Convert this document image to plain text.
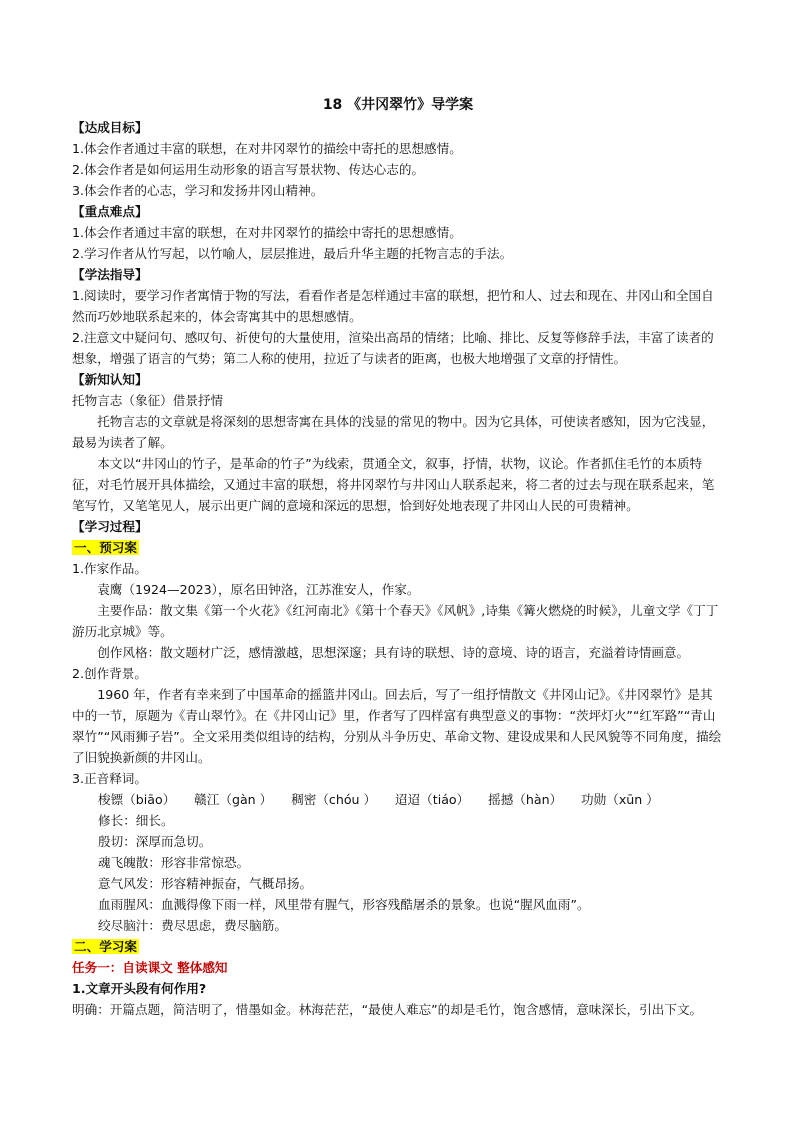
18 《井冈翠竹》导学案

【达成目标】

1.体会作者通过丰富的联想，在对井冈翠竹的描绘中寄托的思想感情。

2.体会作者是如何运用生动形象的语言写景状物、传达心志的。

3.体会作者的心志，学习和发扬井冈山精神。

【重点难点】

1.体会作者通过丰富的联想，在对井冈翠竹的描绘中寄托的思想感情。

2.学习作者从竹写起，以竹喻人，层层推进，最后升华主题的托物言志的手法。

【学法指导】

1.阅读时，要学习作者寓情于物的写法，看看作者是怎样通过丰富的联想，把竹和人、过去和现在、井冈山和全国自然而巧妙地联系起来的，体会寄寓其中的思想感情。

2.注意文中疑问句、感叹句、祈使句的大量使用，渲染出高昂的情绪；比喻、排比、反复等修辞手法，丰富了读者的想象，增强了语言的气势；第二人称的使用，拉近了与读者的距离，也极大地增强了文章的抒情性。

【新知认知】

托物言志（象征）借景抒情

托物言志的文章就是将深刻的思想寄寓在具体的浅显的常见的物中。因为它具体，可使读者感知，因为它浅显，最易为读者了解。

本文以“井冈山的竹子，是革命的竹子”为线索，贯通全文，叙事，抒情，状物，议论。作者抓住毛竹的本质特征，对毛竹展开具体描绘，又通过丰富的联想，将井冈翠竹与井冈山人联系起来，将二者的过去与现在联系起来，笔笔写竹，又笔笔见人，展示出更广阔的意境和深远的思想，恰到好处地表现了井冈山人民的可贵精神。

【学习过程】

一、预习案

1.作家作品。

袁鹰（1924—2023），原名田钟洛，江苏淮安人，作家。

主要作品：散文集《第一个火花》《红河南北》《第十个春天》《风帆》,诗集《篝火燃烧的时候》，儿童文学《丁丁游历北京城》等。

创作风格：散文题材广泛，感情激越，思想深邃；具有诗的联想、诗的意境、诗的语言，充溢着诗情画意。

2.创作背景。

1960 年，作者有幸来到了中国革命的摇篮井冈山。回去后，写了一组抒情散文《井冈山记》。《井冈翠竹》是其中的一节，原题为《青山翠竹》。在《井冈山记》里，作者写了四样富有典型意义的事物：“茨坪灯火”“红军路”“青山翠竹”“风雨狮子岩”。全文采用类似组诗的结构，分别从斗争历史、革命文物、建设成果和人民风貌等不同角度，描绘了旧貌换新颜的井冈山。

3.正音释词。

梭镖（biāo）　　赣江（gàn ）　　稠密（chóu ）　　迢迢（tiáo）　　摇撼（hàn）　　功勋（xūn ）

修长：细长。

殷切：深厚而急切。

魂飞魄散：形容非常惊恐。

意气风发：形容精神振奋，气概昂扬。

血雨腥风：血溅得像下雨一样，风里带有腥气，形容残酷屠杀的景象。也说“腥风血雨”。

绞尽脑汁：费尽思虑，费尽脑筋。

二、学习案

任务一：自读课文 整体感知

1.文章开头段有何作用?

明确：开篇点题，简洁明了，惜墨如金。林海茫茫，“最使人难忘”的却是毛竹，饱含感情，意味深长，引出下文。
